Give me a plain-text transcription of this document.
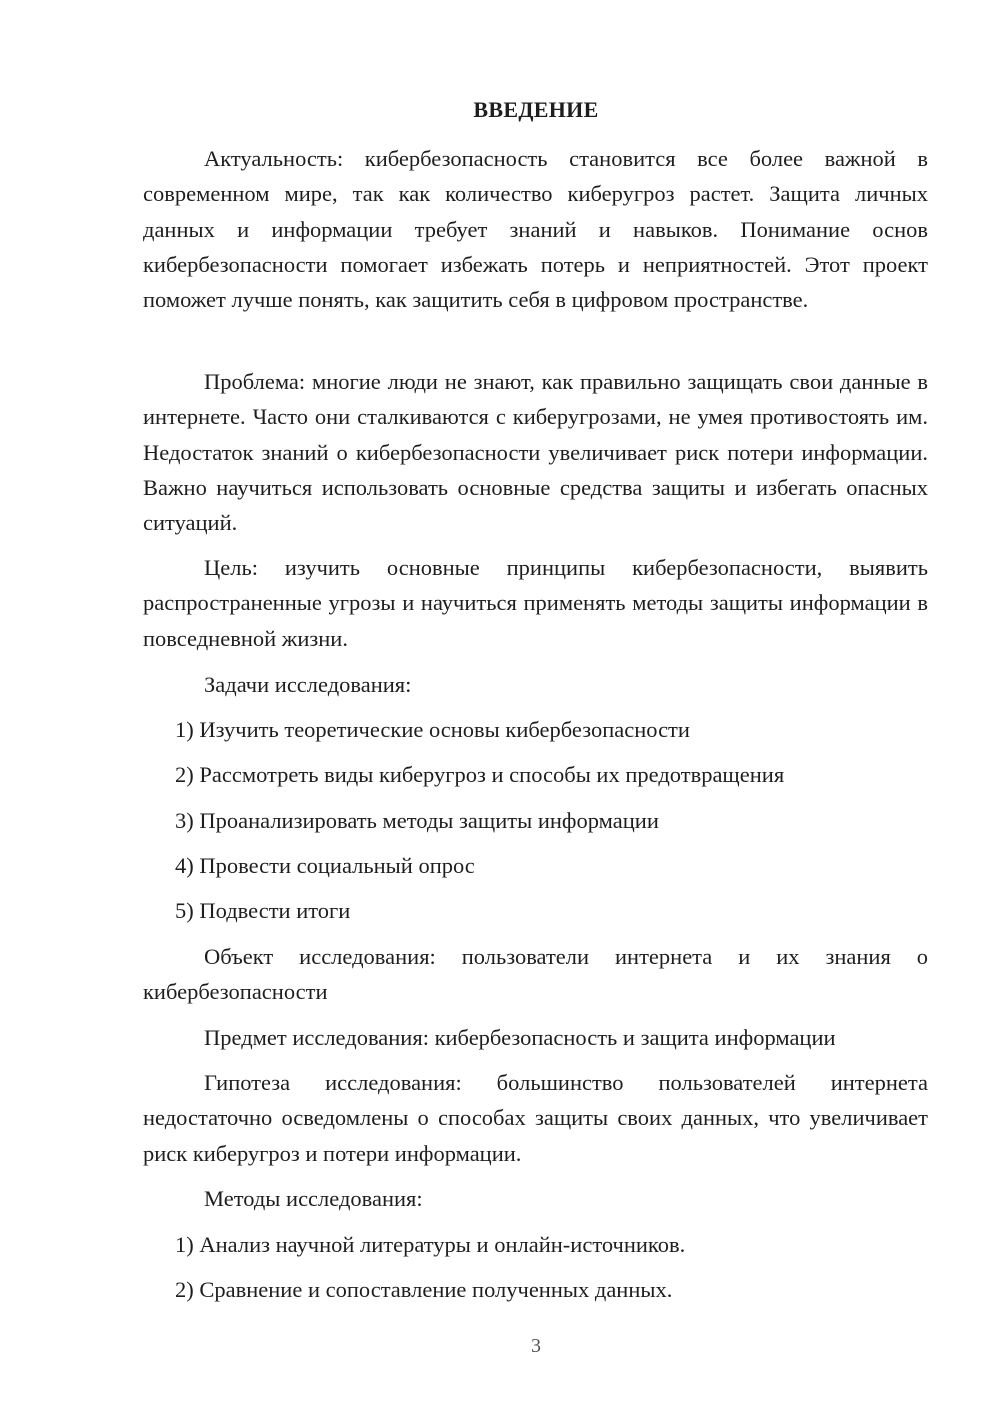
ВВЕДЕНИЕ

Актуальность: кибербезопасность становится все более важной в современном мире, так как количество киберугроз растет. Защита личных данных и информации требует знаний и навыков. Понимание основ кибербезопасности помогает избежать потерь и неприятностей. Этот проект поможет лучше понять, как защитить себя в цифровом пространстве.

Проблема: многие люди не знают, как правильно защищать свои данные в интернете. Часто они сталкиваются с киберугрозами, не умея противостоять им. Недостаток знаний о кибербезопасности увеличивает риск потери информации. Важно научиться использовать основные средства защиты и избегать опасных ситуаций.

Цель: изучить основные принципы кибербезопасности, выявить распространенные угрозы и научиться применять методы защиты информации в повседневной жизни.

Задачи исследования:

1) Изучить теоретические основы кибербезопасности
2) Рассмотреть виды киберугроз и способы их предотвращения
3) Проанализировать методы защиты информации
4) Провести социальный опрос
5) Подвести итоги

Объект исследования: пользователи интернета и их знания о кибербезопасности

Предмет исследования: кибербезопасность и защита информации

Гипотеза исследования: большинство пользователей интернета недостаточно осведомлены о способах защиты своих данных, что увеличивает риск киберугроз и потери информации.

Методы исследования:

1) Анализ научной литературы и онлайн-источников.
2) Сравнение и сопоставление полученных данных.
3
